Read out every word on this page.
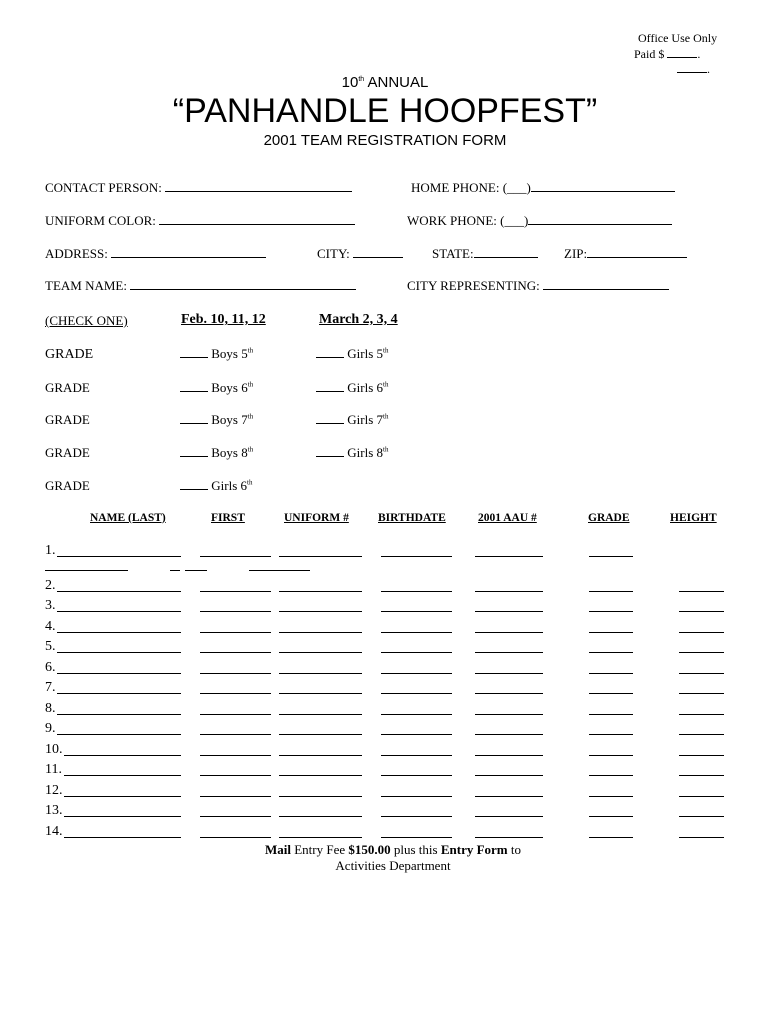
Office Use Only
Paid $	.
.
10th ANNUAL
“PANHANDLE HOOPFEST”
2001 TEAM REGISTRATION FORM
CONTACT PERSON:	HOME PHONE: (___)
UNIFORM COLOR:	WORK PHONE: (___)
ADDRESS:	CITY:	STATE:	ZIP:
TEAM NAME:	CITY REPRESENTING:
(CHECK ONE)	Feb. 10, 11, 12	March 2, 3, 4
GRADE	Boys 5th	Girls 5th
GRADE	Boys 6th	Girls 6th
GRADE	Boys 7th	Girls 7th
GRADE	Boys 8th	Girls 8th
GRADE	Girls 6th
NAME (LAST)	FIRST	UNIFORM #	BIRTHDATE	2001 AAU #	GRADE	HEIGHT
1.
2.
3.
4.
5.
6.
7.
8.
9.
10.
11.
12.
13.
14.
Mail Entry Fee $150.00 plus this Entry Form to
Activities Department
